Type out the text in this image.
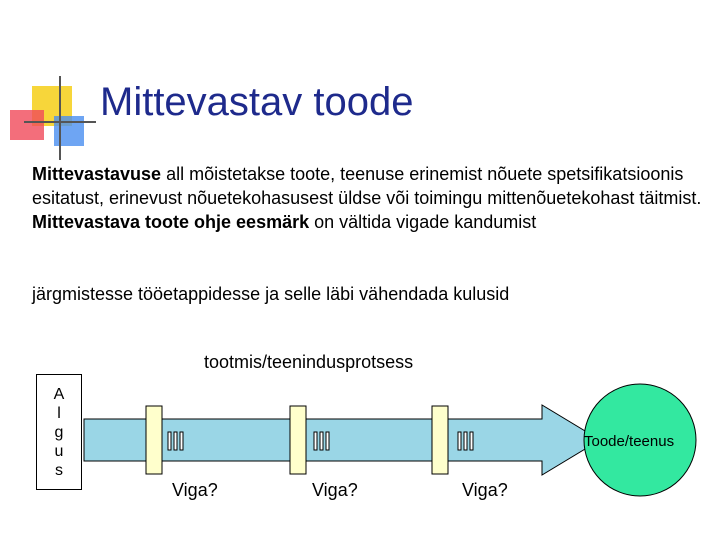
Mittevastav toode
Mittevastavuse all mõistetakse toote, teenuse erinemist nõuete spetsifikatsioonis esitatust, erinevust nõuetekohasusest üldse või toimingu mittenõuetekohast täitmist.
Mittevastava toote ohje eesmärk on vältida vigade kandumist
järgmistesse tööetappidesse ja selle läbi vähendada kulusid
tootmis/teenindusprotsess
A
l
g
u
s
Toode/teenus
Viga?	Viga?	Viga?
